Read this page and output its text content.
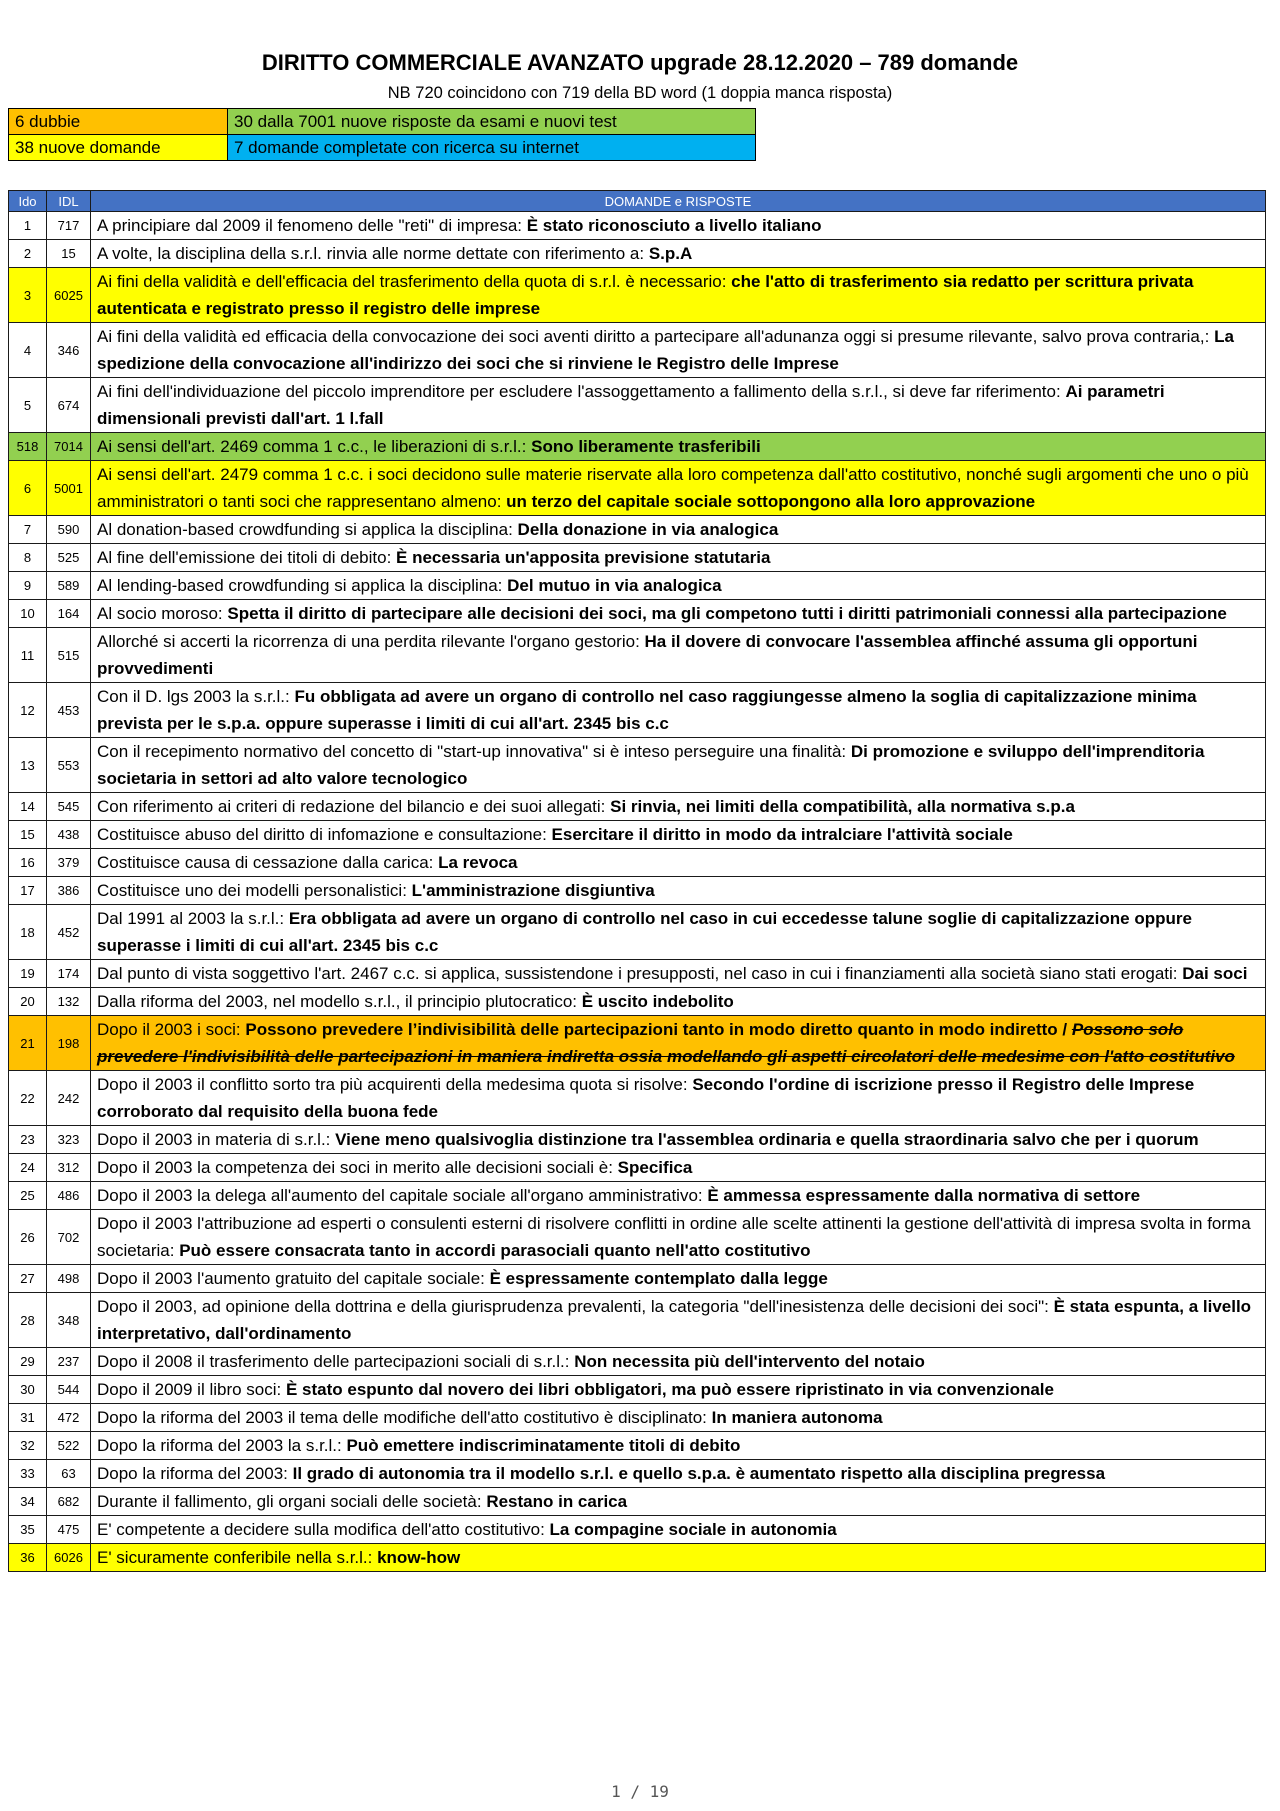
DIRITTO COMMERCIALE AVANZATO upgrade 28.12.2020 – 789 domande
NB 720 coincidono con 719 della BD word (1 doppia manca risposta)
6 dubbie	30 dalla 7001 nuove risposte da esami e nuovi test
38 nuove domande	7 domande completate con ricerca su internet
Ido	IDL	DOMANDE e RISPOSTE
1	717	A principiare dal 2009 il fenomeno delle "reti" di impresa: È stato riconosciuto a livello italiano
2	15	A volte, la disciplina della s.r.l. rinvia alle norme dettate con riferimento a: S.p.A
3	6025	Ai fini della validità e dell'efficacia del trasferimento della quota di s.r.l. è necessario: che l'atto di trasferimento sia redatto per scrittura privata autenticata e registrato presso il registro delle imprese
4	346	Ai fini della validità ed efficacia della convocazione dei soci aventi diritto a partecipare all'adunanza oggi si presume rilevante, salvo prova contraria,: La spedizione della convocazione all'indirizzo dei soci che si rinviene le Registro delle Imprese
5	674	Ai fini dell'individuazione del piccolo imprenditore per escludere l'assoggettamento a fallimento della s.r.l., si deve far riferimento: Ai parametri dimensionali previsti dall'art. 1 l.fall
518	7014	Ai sensi dell'art. 2469 comma 1 c.c., le liberazioni di s.r.l.: Sono liberamente trasferibili
6	5001	Ai sensi dell'art. 2479 comma 1 c.c. i soci decidono sulle materie riservate alla loro competenza dall'atto costitutivo, nonché sugli argomenti che uno o più amministratori o tanti soci che rappresentano almeno: un terzo del capitale sociale sottopongono alla loro approvazione
7	590	Al donation-based crowdfunding si applica la disciplina: Della donazione in via analogica
8	525	Al fine dell'emissione dei titoli di debito: È necessaria un'apposita previsione statutaria
9	589	Al lending-based crowdfunding si applica la disciplina: Del mutuo in via analogica
10	164	Al socio moroso: Spetta il diritto di partecipare alle decisioni dei soci, ma gli competono tutti i diritti patrimoniali connessi alla partecipazione
11	515	Allorché si accerti la ricorrenza di una perdita rilevante l'organo gestorio: Ha il dovere di convocare l'assemblea affinché assuma gli opportuni provvedimenti
12	453	Con il D. lgs 2003 la s.r.l.: Fu obbligata ad avere un organo di controllo nel caso raggiungesse almeno la soglia di capitalizzazione minima prevista per le s.p.a. oppure superasse i limiti di cui all'art. 2345 bis c.c
13	553	Con il recepimento normativo del concetto di "start-up innovativa" si è inteso perseguire una finalità: Di promozione e sviluppo dell'imprenditoria societaria in settori ad alto valore tecnologico
14	545	Con riferimento ai criteri di redazione del bilancio e dei suoi allegati: Si rinvia, nei limiti della compatibilità, alla normativa s.p.a
15	438	Costituisce abuso del diritto di infomazione e consultazione: Esercitare il diritto in modo da intralciare l'attività sociale
16	379	Costituisce causa di cessazione dalla carica: La revoca
17	386	Costituisce uno dei modelli personalistici: L'amministrazione disgiuntiva
18	452	Dal 1991 al 2003 la s.r.l.: Era obbligata ad avere un organo di controllo nel caso in cui eccedesse talune soglie di capitalizzazione oppure superasse i limiti di cui all'art. 2345 bis c.c
19	174	Dal punto di vista soggettivo l'art. 2467 c.c. si applica, sussistendone i presupposti, nel caso in cui i finanziamenti alla società siano stati erogati: Dai soci
20	132	Dalla riforma del 2003, nel modello s.r.l., il principio plutocratico: È uscito indebolito
21	198	Dopo il 2003 i soci: Possono prevedere l’indivisibilità delle partecipazioni tanto in modo diretto quanto in modo indiretto / Possono solo prevedere l'indivisibilità delle partecipazioni in maniera indiretta ossia modellando gli aspetti circolatori delle medesime con l'atto costitutivo
22	242	Dopo il 2003 il conflitto sorto tra più acquirenti della medesima quota si risolve: Secondo l'ordine di iscrizione presso il Registro delle Imprese corroborato dal requisito della buona fede
23	323	Dopo il 2003 in materia di s.r.l.: Viene meno qualsivoglia distinzione tra l'assemblea ordinaria e quella straordinaria salvo che per i quorum
24	312	Dopo il 2003 la competenza dei soci in merito alle decisioni sociali è: Specifica
25	486	Dopo il 2003 la delega all'aumento del capitale sociale all'organo amministrativo: È ammessa espressamente dalla normativa di settore
26	702	Dopo il 2003 l'attribuzione ad esperti o consulenti esterni di risolvere conflitti in ordine alle scelte attinenti la gestione dell'attività di impresa svolta in forma societaria: Può essere consacrata tanto in accordi parasociali quanto nell'atto costitutivo
27	498	Dopo il 2003 l'aumento gratuito del capitale sociale: È espressamente contemplato dalla legge
28	348	Dopo il 2003, ad opinione della dottrina e della giurisprudenza prevalenti, la categoria "dell'inesistenza delle decisioni dei soci": È stata espunta, a livello interpretativo, dall'ordinamento
29	237	Dopo il 2008 il trasferimento delle partecipazioni sociali di s.r.l.: Non necessita più dell'intervento del notaio
30	544	Dopo il 2009 il libro soci: È stato espunto dal novero dei libri obbligatori, ma può essere ripristinato in via convenzionale
31	472	Dopo la riforma del 2003 il tema delle modifiche dell'atto costitutivo è disciplinato: In maniera autonoma
32	522	Dopo la riforma del 2003 la s.r.l.: Può emettere indiscriminatamente titoli di debito
33	63	Dopo la riforma del 2003: Il grado di autonomia tra il modello s.r.l. e quello s.p.a. è aumentato rispetto alla disciplina pregressa
34	682	Durante il fallimento, gli organi sociali delle società: Restano in carica
35	475	E' competente a decidere sulla modifica dell'atto costitutivo: La compagine sociale in autonomia
36	6026	E' sicuramente conferibile nella s.r.l.: know-how
1 / 19
